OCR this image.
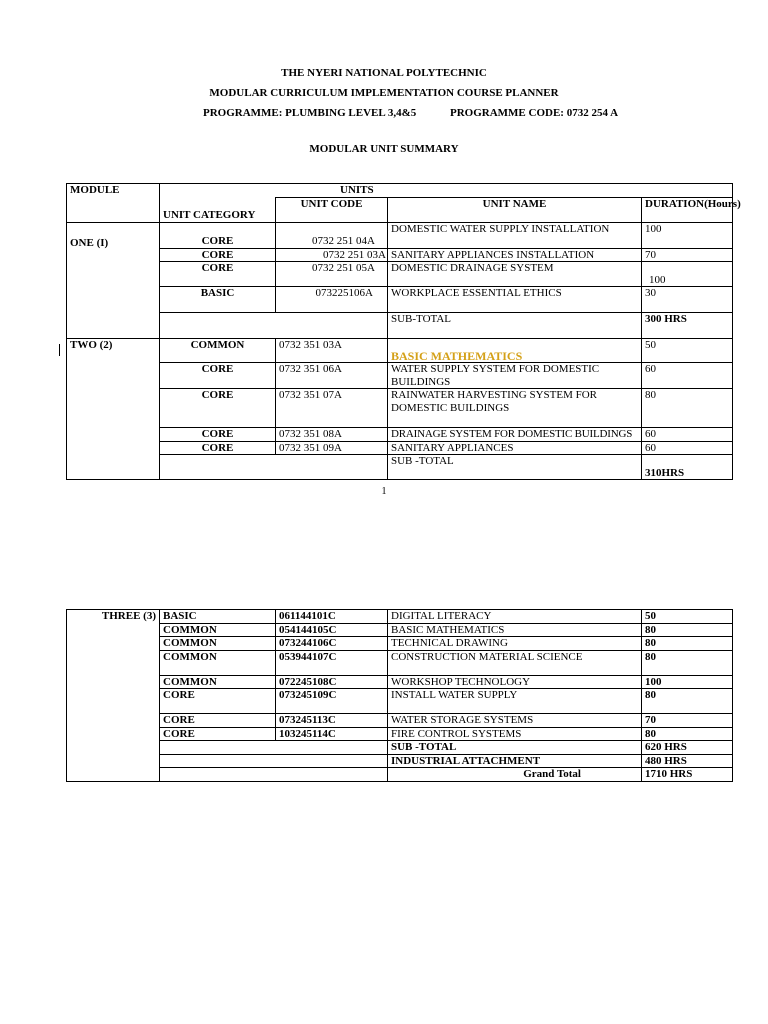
THE NYERI NATIONAL POLYTECHNIC
MODULAR CURRICULUM IMPLEMENTATION COURSE PLANNER
PROGRAMME: PLUMBING LEVEL 3,4&5	PROGRAMME CODE: 0732 254 A
MODULAR UNIT SUMMARY
MODULE	UNITS			
	UNIT CATEGORY	UNIT CODE	UNIT NAME	DURATION(Hours)
ONE (I)	CORE	0732 251 04A	DOMESTIC WATER SUPPLY INSTALLATION	100
	CORE	0732 251 03A	SANITARY APPLIANCES INSTALLATION	70
	CORE	0732 251 05A	DOMESTIC DRAINAGE SYSTEM	100
	BASIC	073225106A	WORKPLACE ESSENTIAL ETHICS	30
			SUB-TOTAL	300 HRS
TWO (2)	COMMON	0732 351 03A	BASIC MATHEMATICS	50
	CORE	0732 351 06A	WATER SUPPLY SYSTEM FOR DOMESTIC BUILDINGS	60
	CORE	0732 351 07A	RAINWATER HARVESTING SYSTEM FOR DOMESTIC BUILDINGS	80
	CORE	0732 351 08A	DRAINAGE SYSTEM FOR DOMESTIC BUILDINGS	60
	CORE	0732 351 09A	SANITARY APPLIANCES	60
			SUB -TOTAL	310HRS
1
THREE (3)	BASIC	061144101C	DIGITAL LITERACY	50
	COMMON	054144105C	BASIC MATHEMATICS	80
	COMMON	073244106C	TECHNICAL DRAWING	80
	COMMON	053944107C	CONSTRUCTION MATERIAL SCIENCE	80
	COMMON	072245108C	WORKSHOP TECHNOLOGY	100
	CORE	073245109C	INSTALL WATER SUPPLY	80
	CORE	073245113C	WATER STORAGE SYSTEMS	70
	CORE	103245114C	FIRE CONTROL SYSTEMS	80
			SUB -TOTAL	620 HRS
			INDUSTRIAL ATTACHMENT	480 HRS
			Grand Total	1710 HRS
